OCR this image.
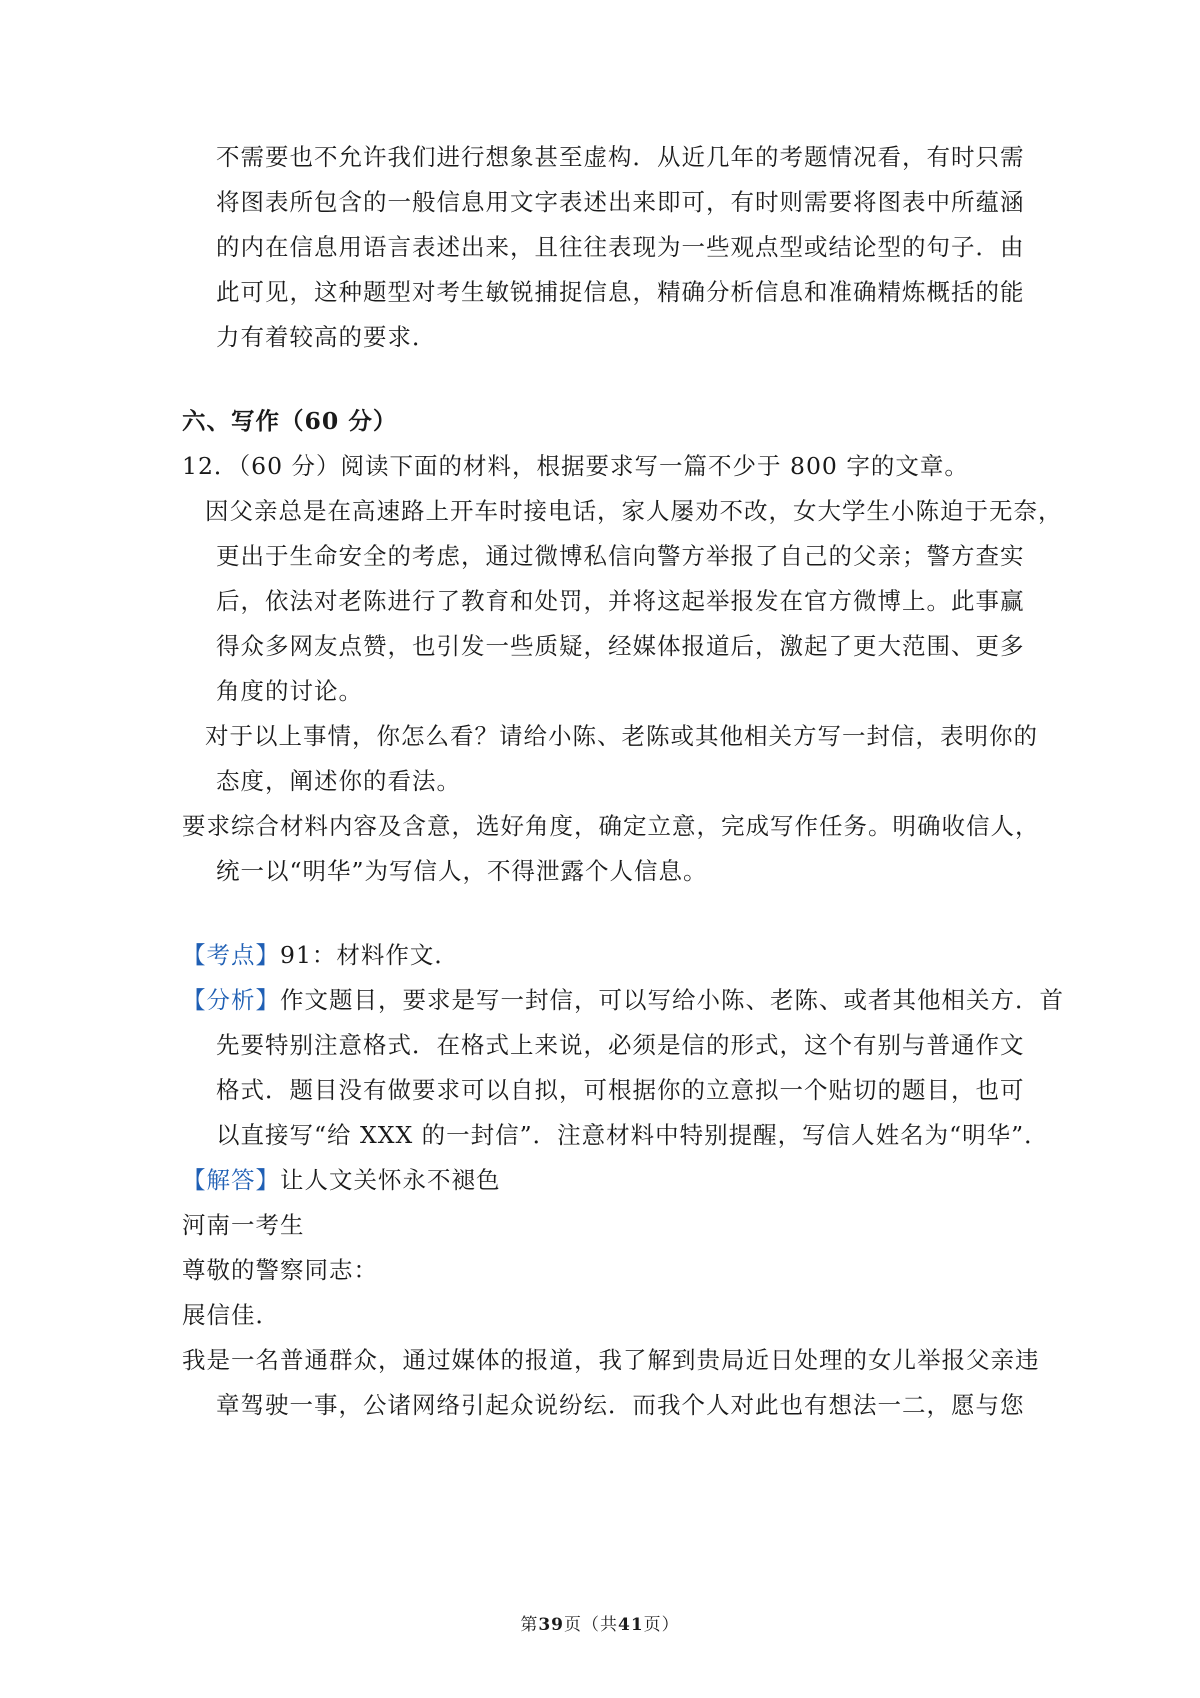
不需要也不允许我们进行想象甚至虚构．从近几年的考题情况看，有时只需
将图表所包含的一般信息用文字表述出来即可，有时则需要将图表中所蕴涵
的内在信息用语言表述出来，且往往表现为一些观点型或结论型的句子．由
此可见，这种题型对考生敏锐捕捉信息，精确分析信息和准确精炼概括的能
力有着较高的要求．
六、写作（60 分）
12．（60 分）阅读下面的材料，根据要求写一篇不少于 800 字的文章。
因父亲总是在高速路上开车时接电话，家人屡劝不改，女大学生小陈迫于无奈，
更出于生命安全的考虑，通过微博私信向警方举报了自己的父亲；警方查实
后，依法对老陈进行了教育和处罚，并将这起举报发在官方微博上。此事赢
得众多网友点赞，也引发一些质疑，经媒体报道后，激起了更大范围、更多
角度的讨论。
对于以上事情，你怎么看？请给小陈、老陈或其他相关方写一封信，表明你的
态度，阐述你的看法。
要求综合材料内容及含意，选好角度，确定立意，完成写作任务。明确收信人，
统一以“明华”为写信人，不得泄露个人信息。
【考点】91：材料作文．
【分析】作文题目，要求是写一封信，可以写给小陈、老陈、或者其他相关方．首
先要特别注意格式．在格式上来说，必须是信的形式，这个有别与普通作文
格式．题目没有做要求可以自拟，可根据你的立意拟一个贴切的题目，也可
以直接写“给 XXX 的一封信”．注意材料中特别提醒，写信人姓名为“明华”．
【解答】让人文关怀永不褪色
河南一考生
尊敬的警察同志：
展信佳．
我是一名普通群众，通过媒体的报道，我了解到贵局近日处理的女儿举报父亲违
章驾驶一事，公诸网络引起众说纷纭．而我个人对此也有想法一二，愿与您
第39页（共41页）
